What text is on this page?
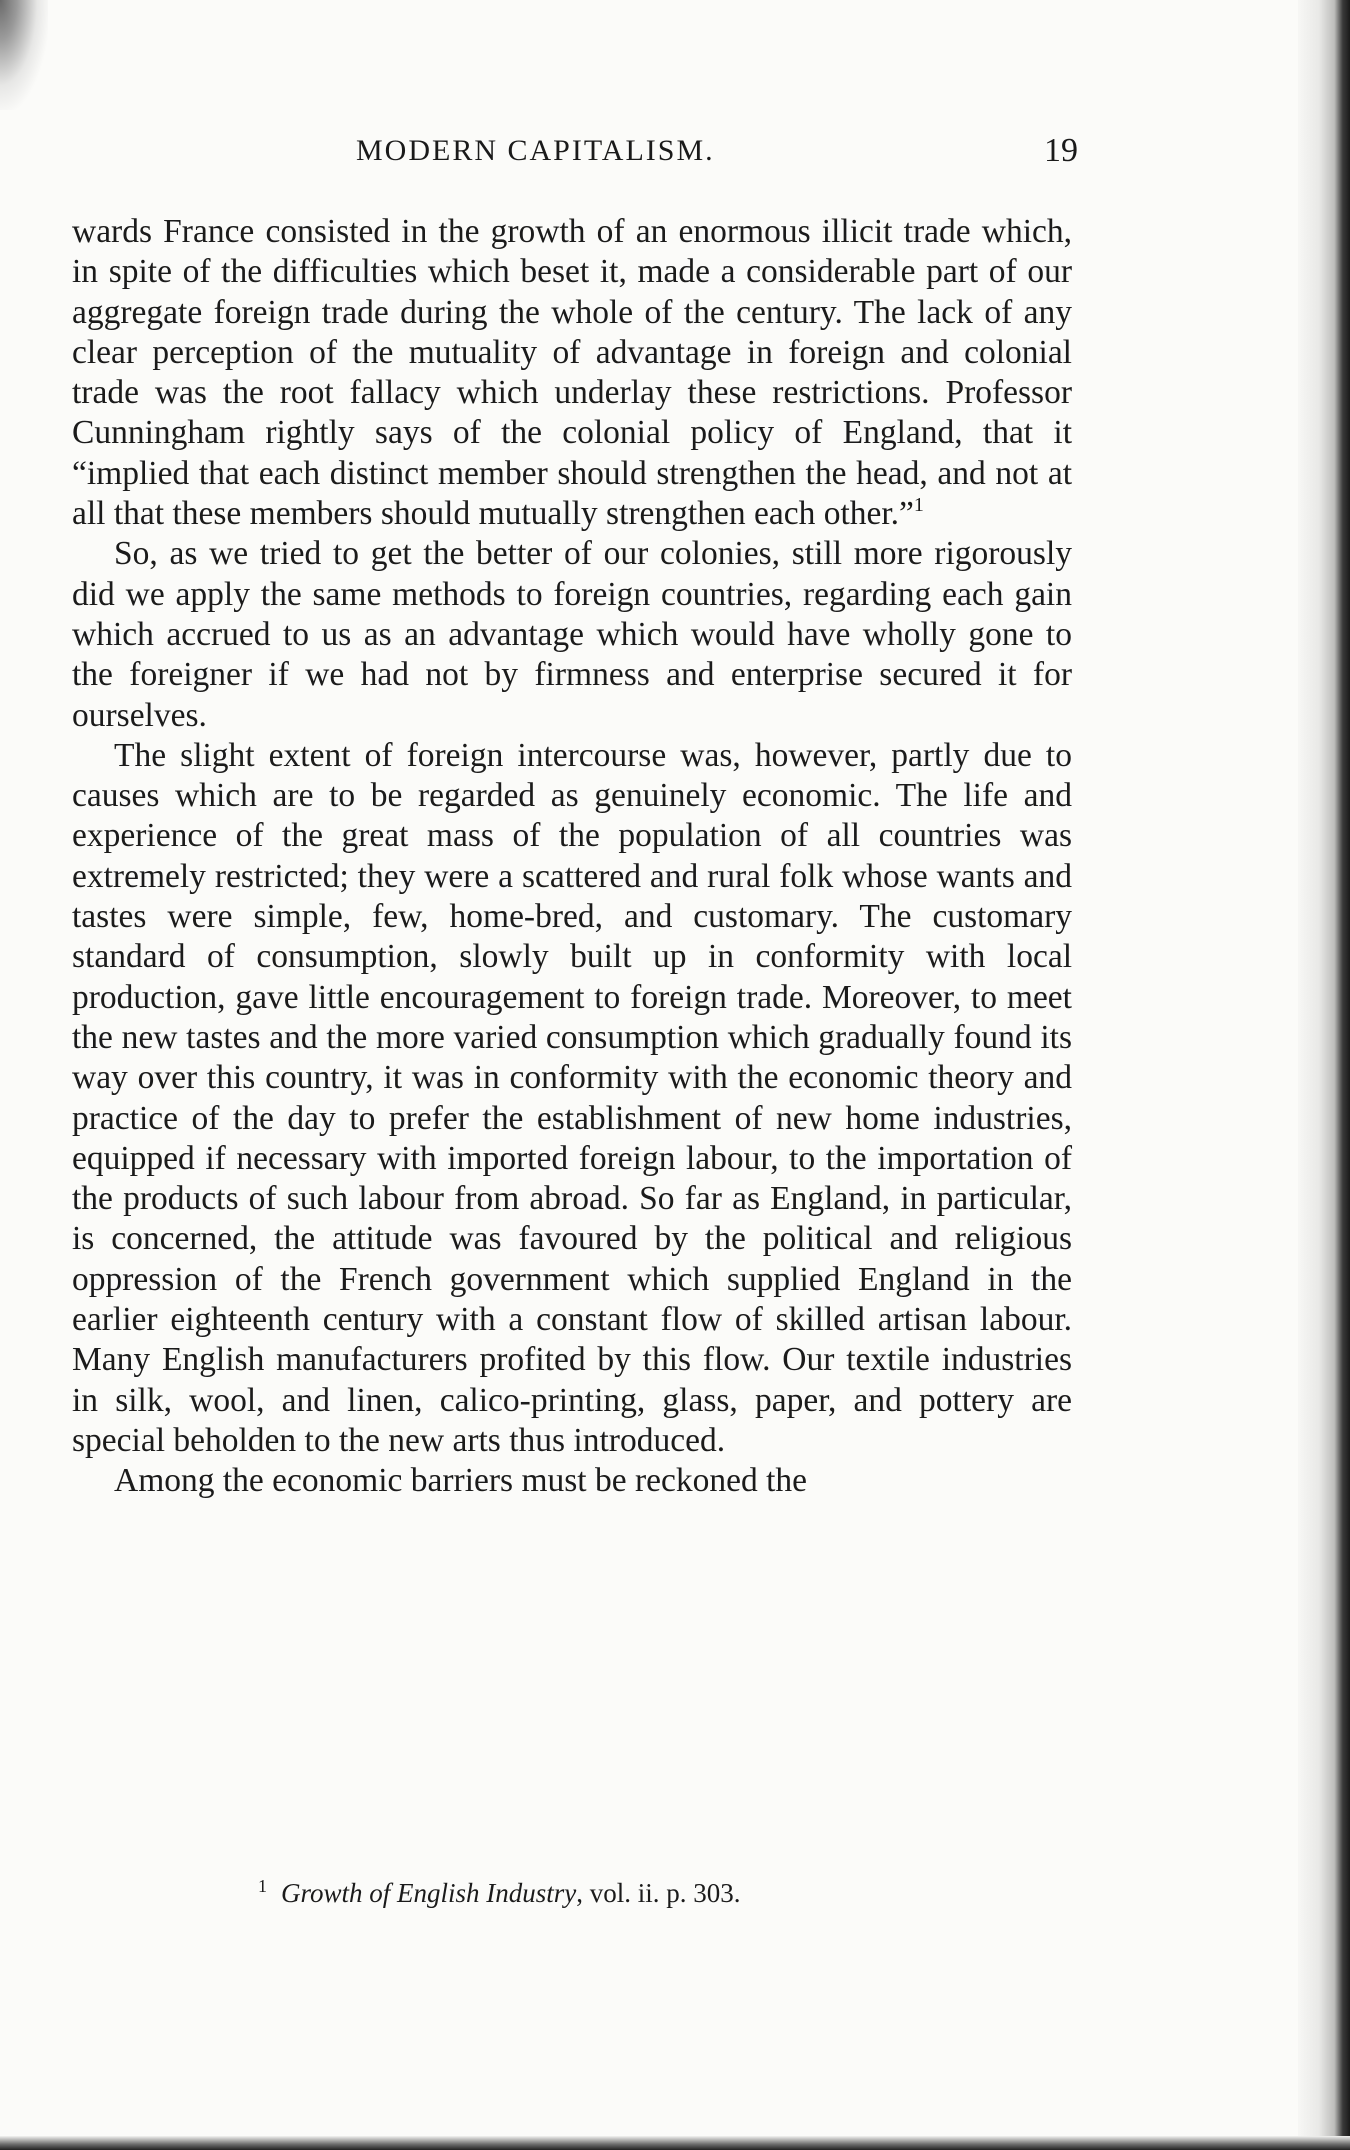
MODERN CAPITALISM.	19

wards France consisted in the growth of an enormous illicit trade which, in spite of the difficulties which beset it, made a considerable part of our aggregate foreign trade during the whole of the century. The lack of any clear perception of the mutuality of advantage in foreign and colonial trade was the root fallacy which underlay these restrictions. Professor Cunningham rightly says of the colonial policy of England, that it “implied that each distinct member should strengthen the head, and not at all that these members should mutually strengthen each other.”$^1$

So, as we tried to get the better of our colonies, still more rigorously did we apply the same methods to foreign countries, regarding each gain which accrued to us as an advantage which would have wholly gone to the foreigner if we had not by firmness and enterprise secured it for ourselves.

The slight extent of foreign intercourse was, however, partly due to causes which are to be regarded as genuinely economic. The life and experience of the great mass of the population of all countries was extremely restricted; they were a scattered and rural folk whose wants and tastes were simple, few, home-bred, and customary. The customary standard of consumption, slowly built up in conformity with local production, gave little encouragement to foreign trade. Moreover, to meet the new tastes and the more varied consumption which gradually found its way over this country, it was in conformity with the economic theory and practice of the day to prefer the establishment of new home industries, equipped if necessary with imported foreign labour, to the importation of the products of such labour from abroad. So far as England, in particular, is concerned, the attitude was favoured by the political and religious oppression of the French government which supplied England in the earlier eighteenth century with a constant flow of skilled artisan labour. Many English manufacturers profited by this flow. Our textile industries in silk, wool, and linen, calico-printing, glass, paper, and pottery are special beholden to the new arts thus introduced.

Among the economic barriers must be reckoned the

$^1$ Growth of English Industry, vol. ii. p. 303.
